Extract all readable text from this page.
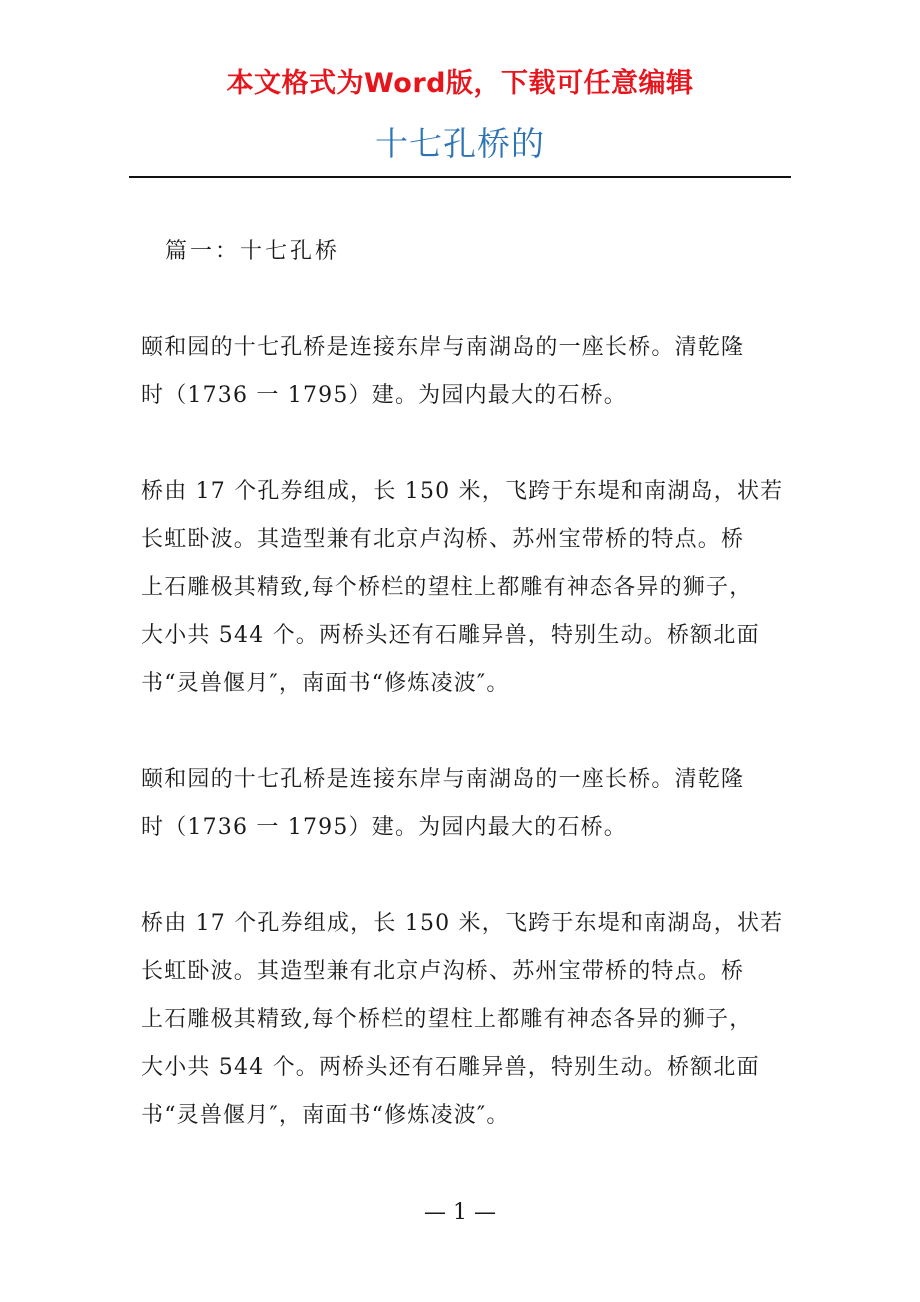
本文格式为Word版，下载可任意编辑
十七孔桥的
篇一：十七孔桥
颐和园的十七孔桥是连接东岸与南湖岛的一座长桥。清乾隆
时（1736 一 1795）建。为园内最大的石桥。
桥由 17 个孔券组成，长 150 米，飞跨于东堤和南湖岛，状若
长虹卧波。其造型兼有北京卢沟桥、苏州宝带桥的特点。桥
上石雕极其精致,每个桥栏的望柱上都雕有神态各异的狮子，
大小共 544 个。两桥头还有石雕异兽，特别生动。桥额北面
书“灵兽偃月″，南面书“修炼凌波″。
颐和园的十七孔桥是连接东岸与南湖岛的一座长桥。清乾隆
时（1736 一 1795）建。为园内最大的石桥。
桥由 17 个孔券组成，长 150 米，飞跨于东堤和南湖岛，状若
长虹卧波。其造型兼有北京卢沟桥、苏州宝带桥的特点。桥
上石雕极其精致,每个桥栏的望柱上都雕有神态各异的狮子，
大小共 544 个。两桥头还有石雕异兽，特别生动。桥额北面
书“灵兽偃月″，南面书“修炼凌波″。
— 1 —
